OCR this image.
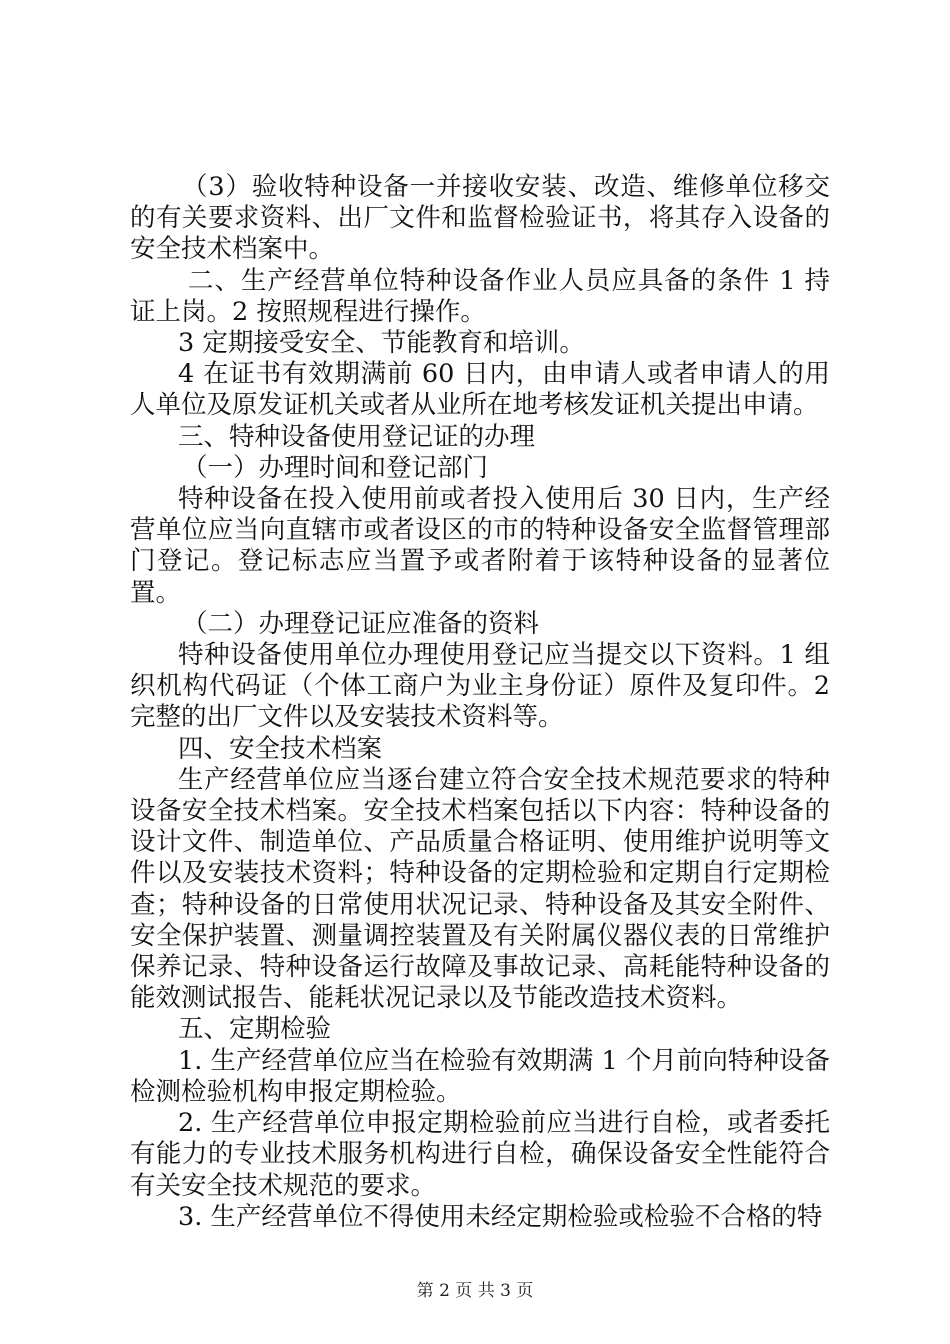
（3）验收特种设备一并接收安装、改造、维修单位移交的有关要求资料、出厂文件和监督检验证书，将其存入设备的安全技术档案中。

二、生产经营单位特种设备作业人员应具备的条件 1 持证上岗。2 按照规程进行操作。

3 定期接受安全、节能教育和培训。

4 在证书有效期满前 60 日内，由申请人或者申请人的用人单位及原发证机关或者从业所在地考核发证机关提出申请。

三、特种设备使用登记证的办理

（一）办理时间和登记部门

特种设备在投入使用前或者投入使用后 30 日内，生产经营单位应当向直辖市或者设区的市的特种设备安全监督管理部门登记。登记标志应当置予或者附着于该特种设备的显著位置。

（二）办理登记证应准备的资料

特种设备使用单位办理使用登记应当提交以下资料。1 组织机构代码证（个体工商户为业主身份证）原件及复印件。2 完整的出厂文件以及安装技术资料等。

四、安全技术档案

生产经营单位应当逐台建立符合安全技术规范要求的特种设备安全技术档案。安全技术档案包括以下内容：特种设备的设计文件、制造单位、产品质量合格证明、使用维护说明等文件以及安装技术资料；特种设备的定期检验和定期自行定期检查；特种设备的日常使用状况记录、特种设备及其安全附件、安全保护装置、测量调控装置及有关附属仪器仪表的日常维护保养记录、特种设备运行故障及事故记录、高耗能特种设备的能效测试报告、能耗状况记录以及节能改造技术资料。

五、定期检验

1. 生产经营单位应当在检验有效期满 1 个月前向特种设备检测检验机构申报定期检验。

2. 生产经营单位申报定期检验前应当进行自检，或者委托有能力的专业技术服务机构进行自检，确保设备安全性能符合有关安全技术规范的要求。

3. 生产经营单位不得使用未经定期检验或检验不合格的特

第 2 页 共 3 页
